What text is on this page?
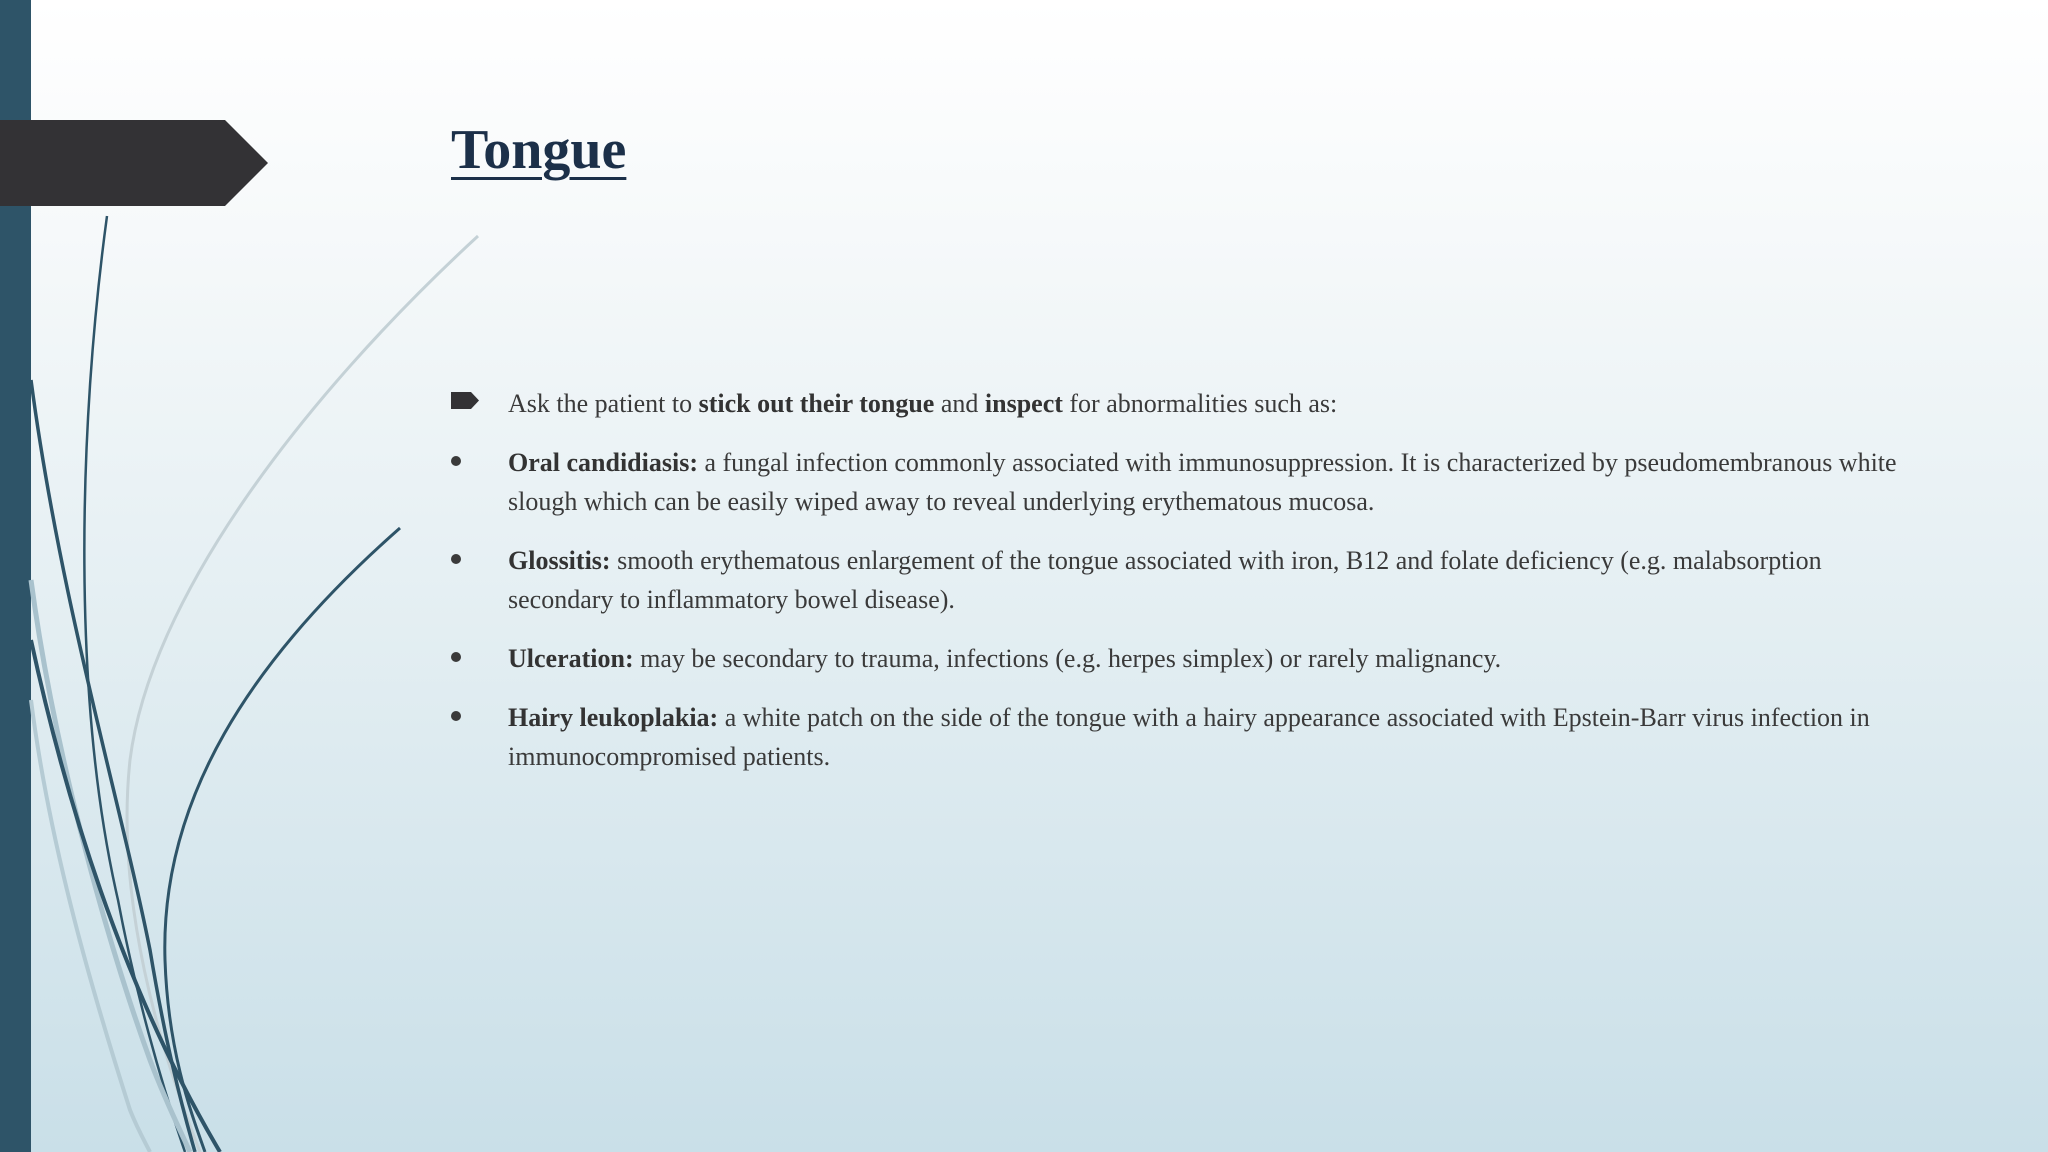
Tongue
Ask the patient to stick out their tongue and inspect for abnormalities such as:
Oral candidiasis: a fungal infection commonly associated with immunosuppression. It is characterized by pseudomembranous white slough which can be easily wiped away to reveal underlying erythematous mucosa.
Glossitis: smooth erythematous enlargement of the tongue associated with iron, B12 and folate deficiency (e.g. malabsorption secondary to inflammatory bowel disease).
Ulceration: may be secondary to trauma, infections (e.g. herpes simplex) or rarely malignancy.
Hairy leukoplakia: a white patch on the side of the tongue with a hairy appearance associated with Epstein-Barr virus infection in immunocompromised patients.
